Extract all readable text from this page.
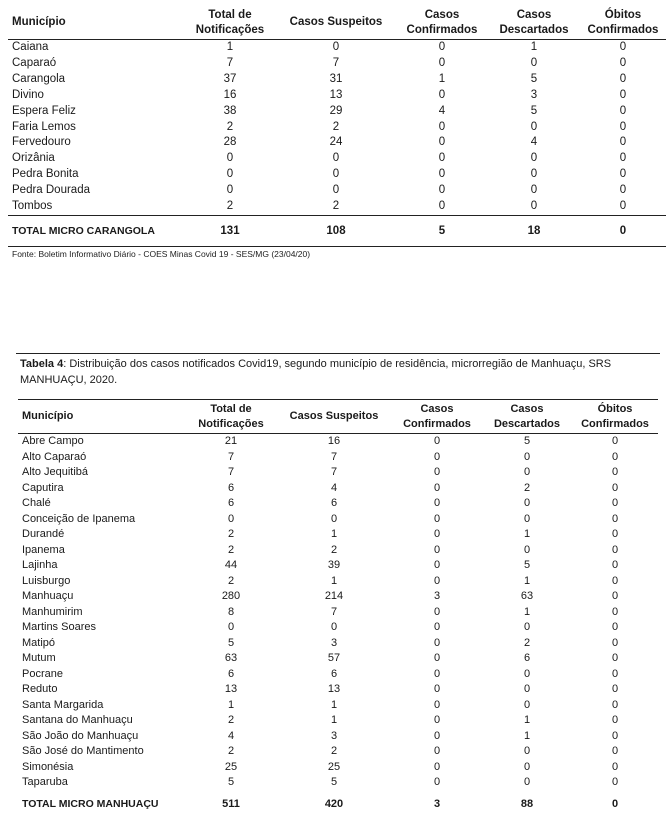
Município	Total de Notificações	Casos Suspeitos	Casos Confirmados	Casos Descartados	Óbitos Confirmados
Caiana	1	0	0	1	0
Caparaó	7	7	0	0	0
Carangola	37	31	1	5	0
Divino	16	13	0	3	0
Espera Feliz	38	29	4	5	0
Faria Lemos	2	2	0	0	0
Fervedouro	28	24	0	4	0
Orizânia	0	0	0	0	0
Pedra Bonita	0	0	0	0	0
Pedra Dourada	0	0	0	0	0
Tombos	2	2	0	0	0
TOTAL MICRO CARANGOLA	131	108	5	18	0
Fonte: Boletim Informativo Diário - COES Minas Covid 19 - SES/MG (23/04/20)
Tabela 4: Distribuição dos casos notificados Covid19, segundo município de residência, microrregião de Manhuaçu, SRS MANHUAÇU, 2020.
Município	Total de Notificações	Casos Suspeitos	Casos Confirmados	Casos Descartados	Óbitos Confirmados
Abre Campo	21	16	0	5	0
Alto Caparaó	7	7	0	0	0
Alto Jequitibá	7	7	0	0	0
Caputira	6	4	0	2	0
Chalé	6	6	0	0	0
Conceição de Ipanema	0	0	0	0	0
Durandé	2	1	0	1	0
Ipanema	2	2	0	0	0
Lajinha	44	39	0	5	0
Luisburgo	2	1	0	1	0
Manhuaçu	280	214	3	63	0
Manhumirim	8	7	0	1	0
Martins Soares	0	0	0	0	0
Matipó	5	3	0	2	0
Mutum	63	57	0	6	0
Pocrane	6	6	0	0	0
Reduto	13	13	0	0	0
Santa Margarida	1	1	0	0	0
Santana do Manhuaçu	2	1	0	1	0
São João do Manhuaçu	4	3	0	1	0
São José do Mantimento	2	2	0	0	0
Simonésia	25	25	0	0	0
Taparuba	5	5	0	0	0
TOTAL MICRO MANHUAÇU	511	420	3	88	0
